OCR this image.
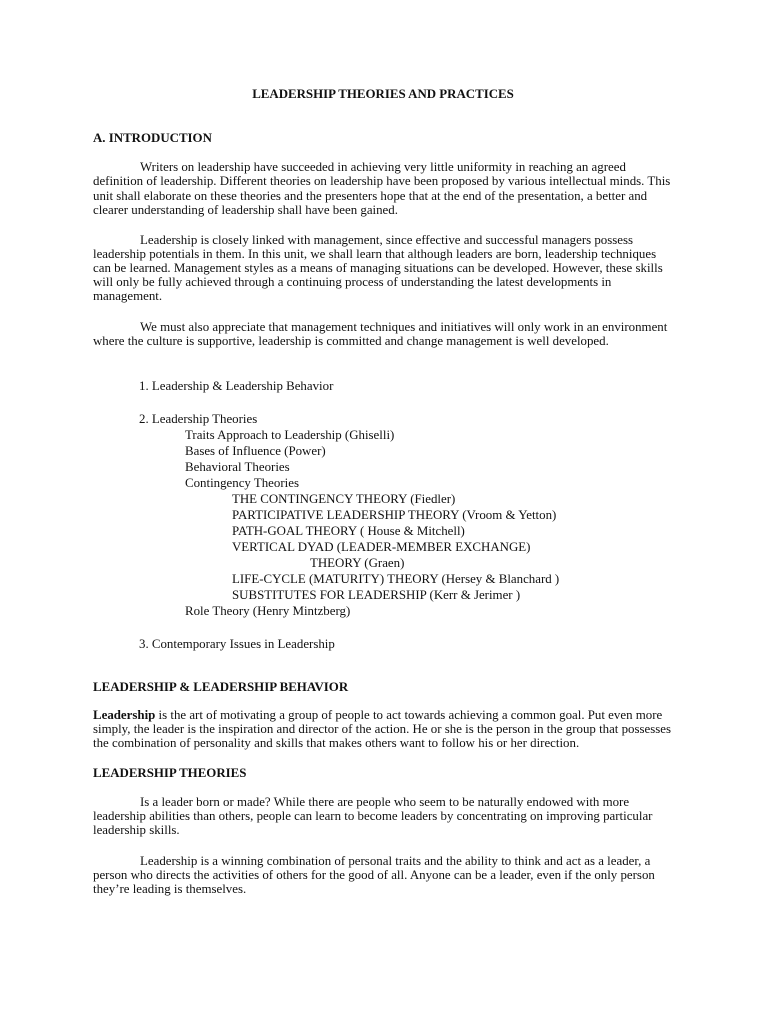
LEADERSHIP THEORIES AND PRACTICES
A. INTRODUCTION
Writers on leadership have succeeded in achieving very little uniformity in reaching an agreed
definition of leadership. Different theories on leadership have been proposed by various intellectual minds. This
unit shall elaborate on these theories and the presenters hope that at the end of the presentation, a better and
clearer understanding of leadership shall have been gained.
Leadership is closely linked with management, since effective and successful managers possess
leadership potentials in them. In this unit, we shall learn that although leaders are born, leadership techniques
can be learned. Management styles as a means of managing situations can be developed. However, these skills
will only be fully achieved through a continuing process of understanding the latest developments in
management.
We must also appreciate that management techniques and initiatives will only work in an environment
where the culture is supportive, leadership is committed and change management is well developed.
1. Leadership & Leadership Behavior
2. Leadership Theories
Traits Approach to Leadership (Ghiselli)
Bases of Influence (Power)
Behavioral Theories
Contingency Theories
THE CONTINGENCY THEORY (Fiedler)
PARTICIPATIVE LEADERSHIP THEORY (Vroom & Yetton)
PATH-GOAL THEORY ( House & Mitchell)
VERTICAL DYAD (LEADER-MEMBER EXCHANGE)
THEORY (Graen)
LIFE-CYCLE (MATURITY) THEORY (Hersey & Blanchard )
SUBSTITUTES FOR LEADERSHIP (Kerr & Jerimer )
Role Theory (Henry Mintzberg)
3. Contemporary Issues in Leadership
LEADERSHIP & LEADERSHIP BEHAVIOR
Leadership is the art of motivating a group of people to act towards achieving a common goal. Put even more
simply, the leader is the inspiration and director of the action. He or she is the person in the group that possesses
the combination of personality and skills that makes others want to follow his or her direction.
LEADERSHIP THEORIES
Is a leader born or made? While there are people who seem to be naturally endowed with more
leadership abilities than others, people can learn to become leaders by concentrating on improving particular
leadership skills.
Leadership is a winning combination of personal traits and the ability to think and act as a leader, a
person who directs the activities of others for the good of all. Anyone can be a leader, even if the only person
they’re leading is themselves.
